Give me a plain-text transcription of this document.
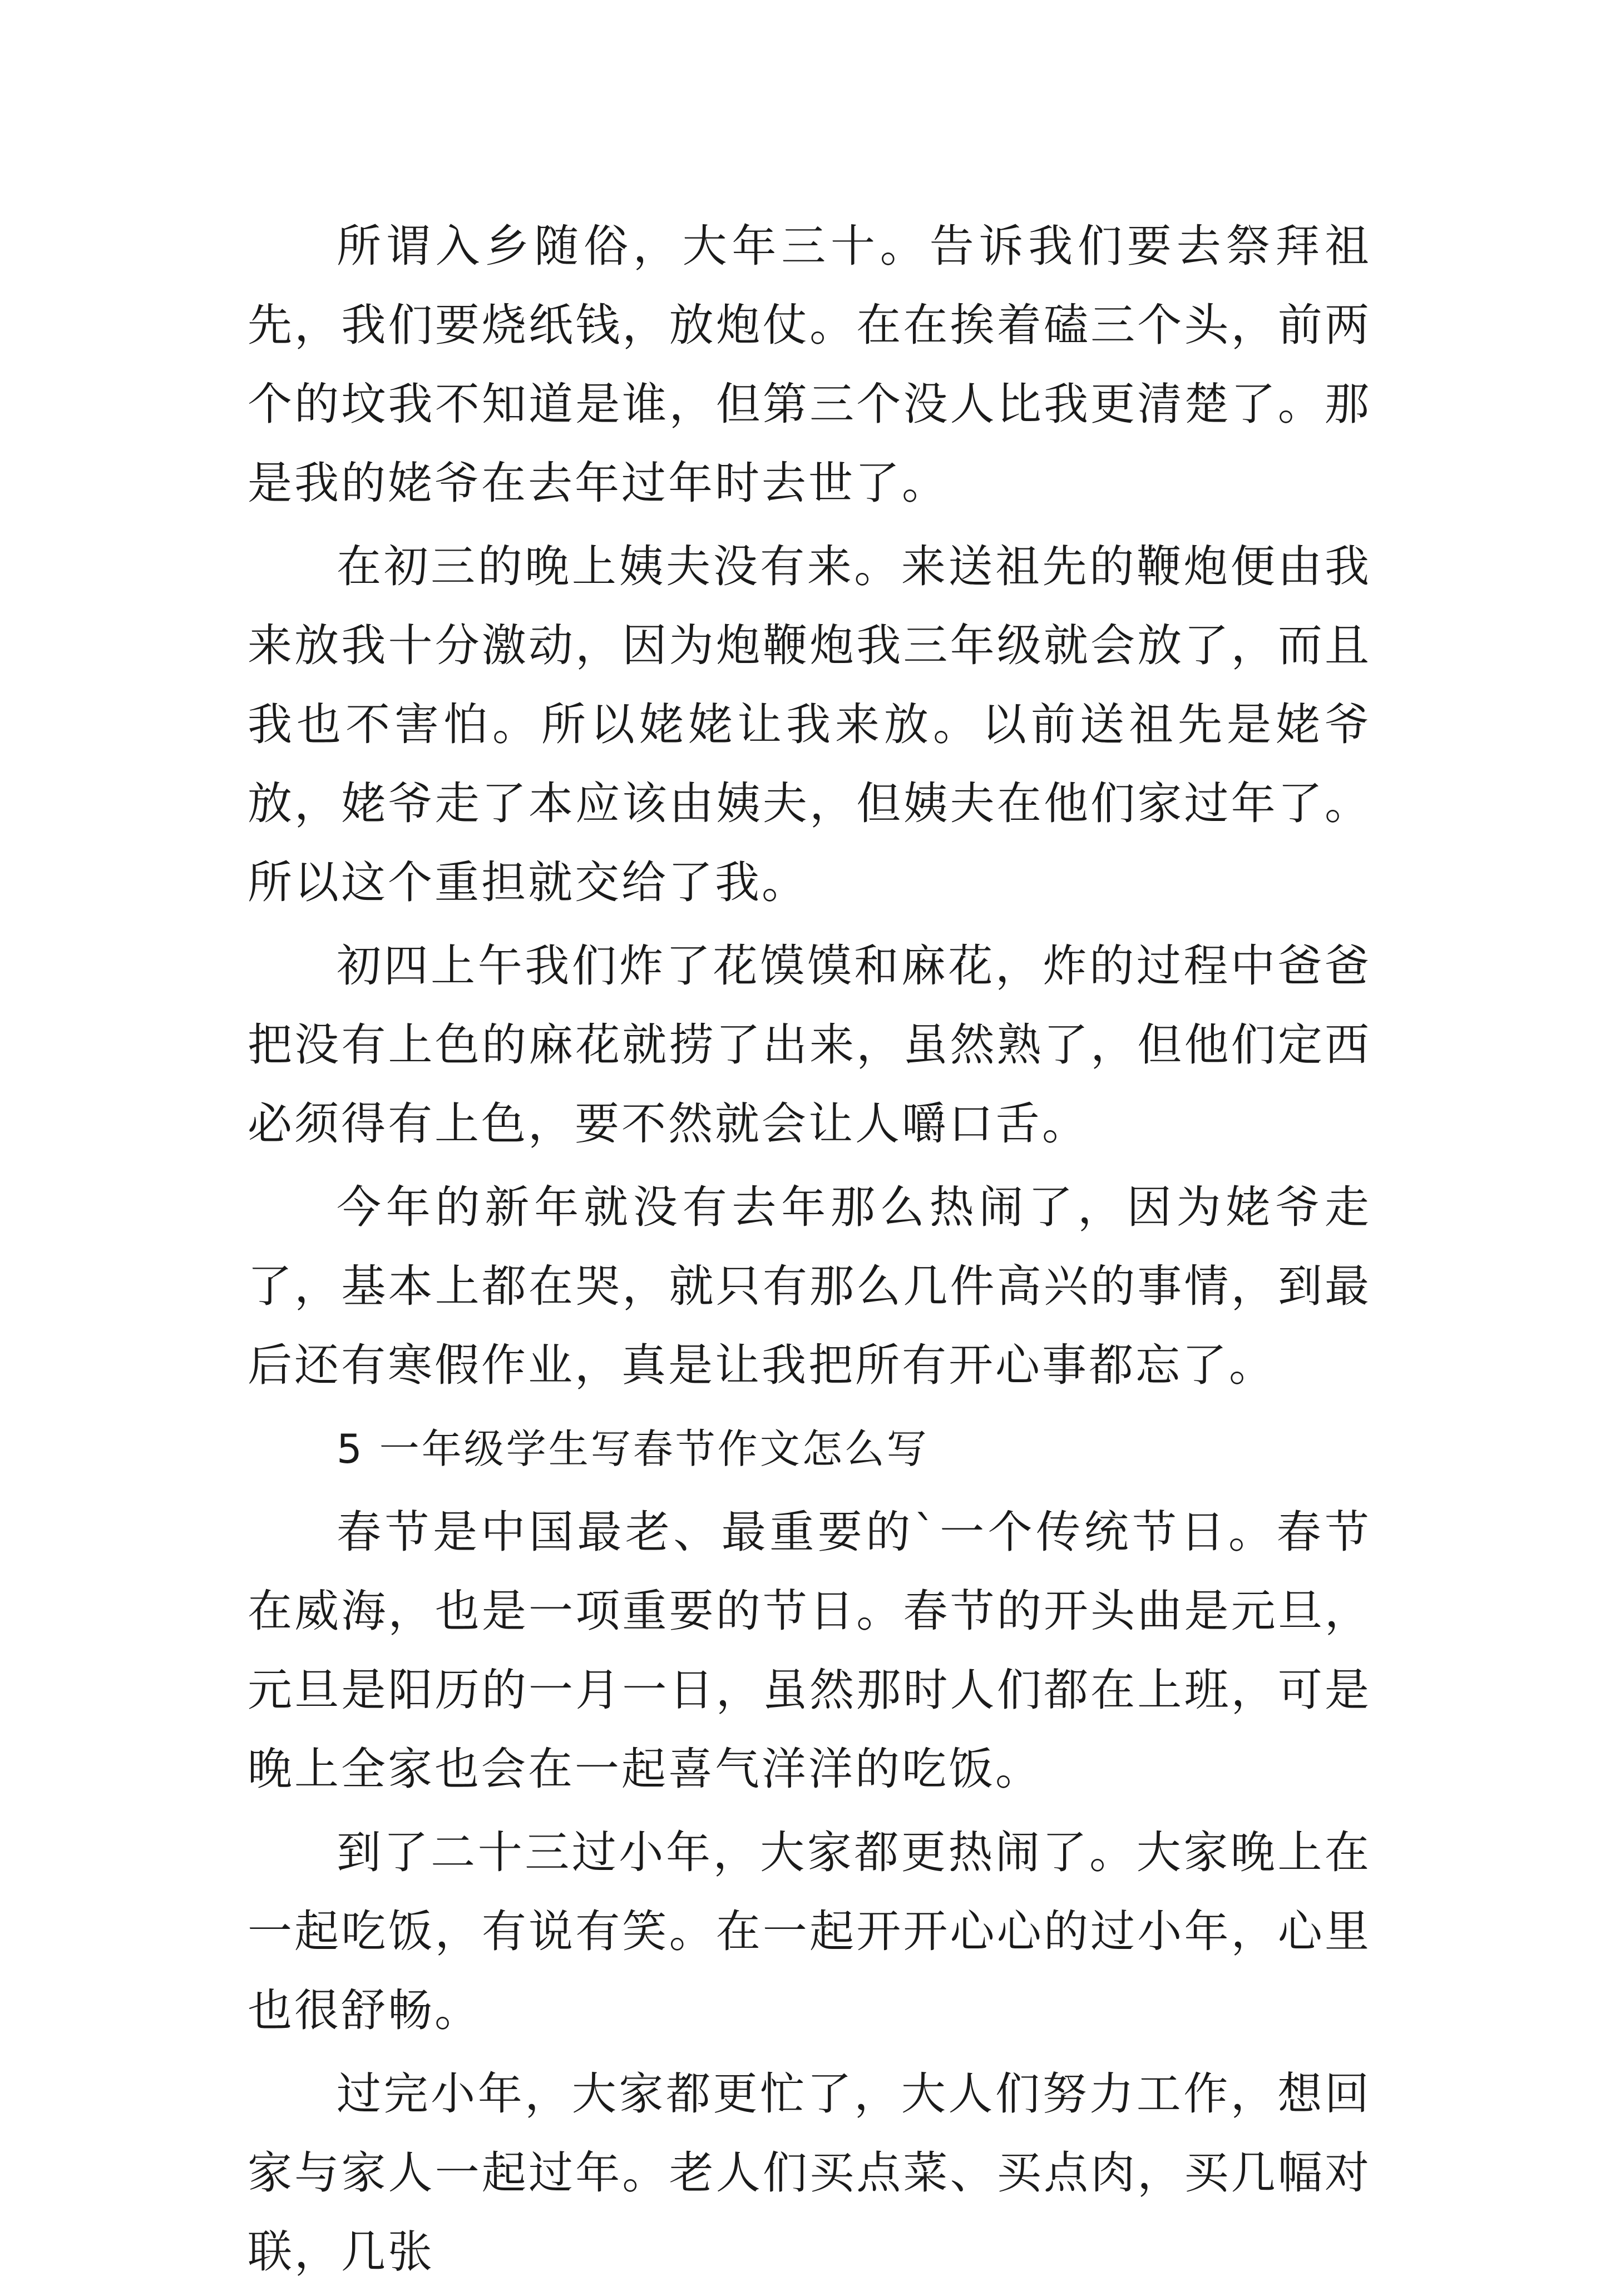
所谓入乡随俗，大年三十。告诉我们要去祭拜祖先，我们要烧纸钱，放炮仗。在在挨着磕三个头，前两个的坟我不知道是谁，但第三个没人比我更清楚了。那是我的姥爷在去年过年时去世了。

在初三的晚上姨夫没有来。来送祖先的鞭炮便由我来放我十分激动，因为炮鞭炮我三年级就会放了，而且我也不害怕。所以姥姥让我来放。以前送祖先是姥爷放，姥爷走了本应该由姨夫，但姨夫在他们家过年了。所以这个重担就交给了我。

初四上午我们炸了花馍馍和麻花，炸的过程中爸爸把没有上色的麻花就捞了出来，虽然熟了，但他们定西必须得有上色，要不然就会让人嚼口舌。

今年的新年就没有去年那么热闹了，因为姥爷走了，基本上都在哭，就只有那么几件高兴的事情，到最后还有寒假作业，真是让我把所有开心事都忘了。

5 一年级学生写春节作文怎么写

春节是中国最老、最重要的`一个传统节日。春节在威海，也是一项重要的节日。春节的开头曲是元旦，元旦是阳历的一月一日，虽然那时人们都在上班，可是晚上全家也会在一起喜气洋洋的吃饭。

到了二十三过小年，大家都更热闹了。大家晚上在一起吃饭，有说有笑。在一起开开心心的过小年，心里也很舒畅。

过完小年，大家都更忙了，大人们努力工作，想回家与家人一起过年。老人们买点菜、买点肉，买几幅对联，几张
